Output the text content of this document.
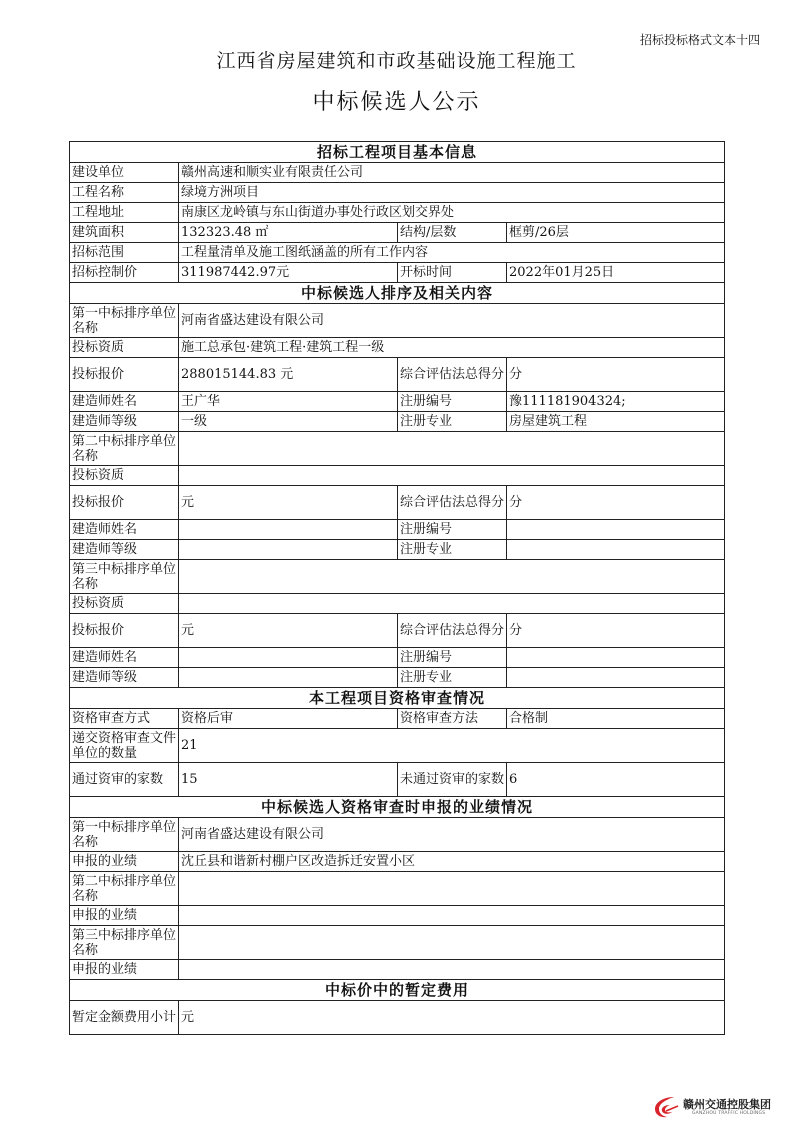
招标投标格式文本十四
江西省房屋建筑和市政基础设施工程施工
中标候选人公示
招标工程项目基本信息			
建设单位	赣州高速和顺实业有限责任公司		
工程名称	绿境方洲项目		
工程地址	南康区龙岭镇与东山街道办事处行政区划交界处		
建筑面积	132323.48 ㎡	结构/层数	框剪/26层
招标范围	工程量清单及施工图纸涵盖的所有工作内容		
招标控制价	311987442.97元	开标时间	2022年01月25日
中标候选人排序及相关内容			
第一中标排序单位名称	河南省盛达建设有限公司		
投标资质	施工总承包·建筑工程·建筑工程一级		
投标报价	288015144.83 元	综合评估法总得分	分
建造师姓名	王广华	注册编号	豫111181904324;
建造师等级	一级	注册专业	房屋建筑工程
第二中标排序单位名称			
投标资质			
投标报价	元	综合评估法总得分	分
建造师姓名		注册编号	
建造师等级		注册专业	
第三中标排序单位名称			
投标资质			
投标报价	元	综合评估法总得分	分
建造师姓名		注册编号	
建造师等级		注册专业	
本工程项目资格审查情况			
资格审查方式	资格后审	资格审查方法	合格制
递交资格审查文件单位的数量	21		
通过资审的家数	15	未通过资审的家数	6
中标候选人资格审查时申报的业绩情况			
第一中标排序单位名称	河南省盛达建设有限公司		
申报的业绩	沈丘县和谐新村棚户区改造拆迁安置小区		
第二中标排序单位名称			
申报的业绩			
第三中标排序单位名称			
申报的业绩			
中标价中的暂定费用			
暂定金额费用小计	元		
赣州交通控股集团
GANZHOU TRAFFIC HOLDINGS
